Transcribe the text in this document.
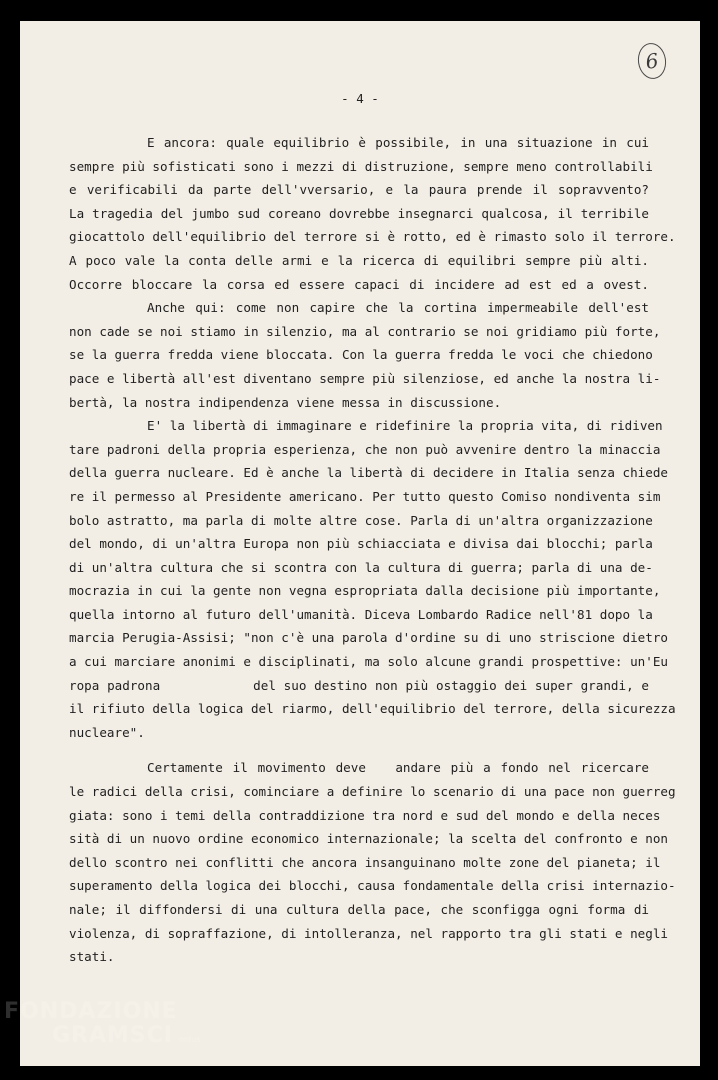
6
- 4 -
E ancora: quale equilibrio è possibile, in una situazione in cui
sempre più sofisticati sono i mezzi di distruzione, sempre meno controllabili
e verificabili da parte dell'vversario, e la paura prende il sopravvento?
La tragedia del jumbo sud coreano dovrebbe insegnarci qualcosa, il terribile
giocattolo dell'equilibrio del terrore si è rotto, ed è rimasto solo il terrore.
A poco vale la conta delle armi e la ricerca di equilibri sempre più alti.
Occorre bloccare la corsa ed essere capaci di incidere ad est ed a ovest.
Anche qui: come non capire che la cortina impermeabile dell'est
non cade se noi stiamo in silenzio, ma al contrario se noi gridiamo più forte,
se la guerra fredda viene bloccata. Con la guerra fredda le voci che chiedono
pace e libertà all'est diventano sempre più silenziose, ed anche la nostra li-
bertà, la nostra indipendenza viene messa in discussione.
E' la libertà di immaginare e ridefinire la propria vita, di ridiven
tare padroni della propria esperienza, che non può avvenire dentro la minaccia
della guerra nucleare. Ed è anche la libertà di decidere in Italia senza chiede
re il permesso al Presidente americano. Per tutto questo Comiso nondiventa sim
bolo astratto, ma parla di molte altre cose. Parla di un'altra organizzazione
del mondo, di un'altra Europa non più schiacciata e divisa dai blocchi; parla
di un'altra cultura che si scontra con la cultura di guerra; parla di una de-
mocrazia in cui la gente non vegna espropriata dalla decisione più importante,
quella intorno al futuro dell'umanità. Diceva Lombardo Radice nell'81 dopo la
marcia Perugia-Assisi; "non c'è una parola d'ordine su di uno striscione dietro
a cui marciare anonimi e disciplinati, ma solo alcune grandi prospettive: un'Eu
ropa padrona            del suo destino non più ostaggio dei super grandi, e
il rifiuto della logica del riarmo, dell'equilibrio del terrore, della sicurezza
nucleare".
Certamente il movimento deve   andare più a fondo nel ricercare
le radici della crisi, cominciare a definire lo scenario di una pace non guerreg
giata: sono i temi della contraddizione tra nord e sud del mondo e della neces
sità di un nuovo ordine economico internazionale; la scelta del confronto e non
dello scontro nei conflitti che ancora insanguinano molte zone del pianeta; il
superamento della logica dei blocchi, causa fondamentale della crisi internazio-
nale; il diffondersi di una cultura della pace, che sconfigga ogni forma di
violenza, di sopraffazione, di intolleranza, nel rapporto tra gli stati e negli
stati.
FONDAZIONE
GRAMSCI onlus
